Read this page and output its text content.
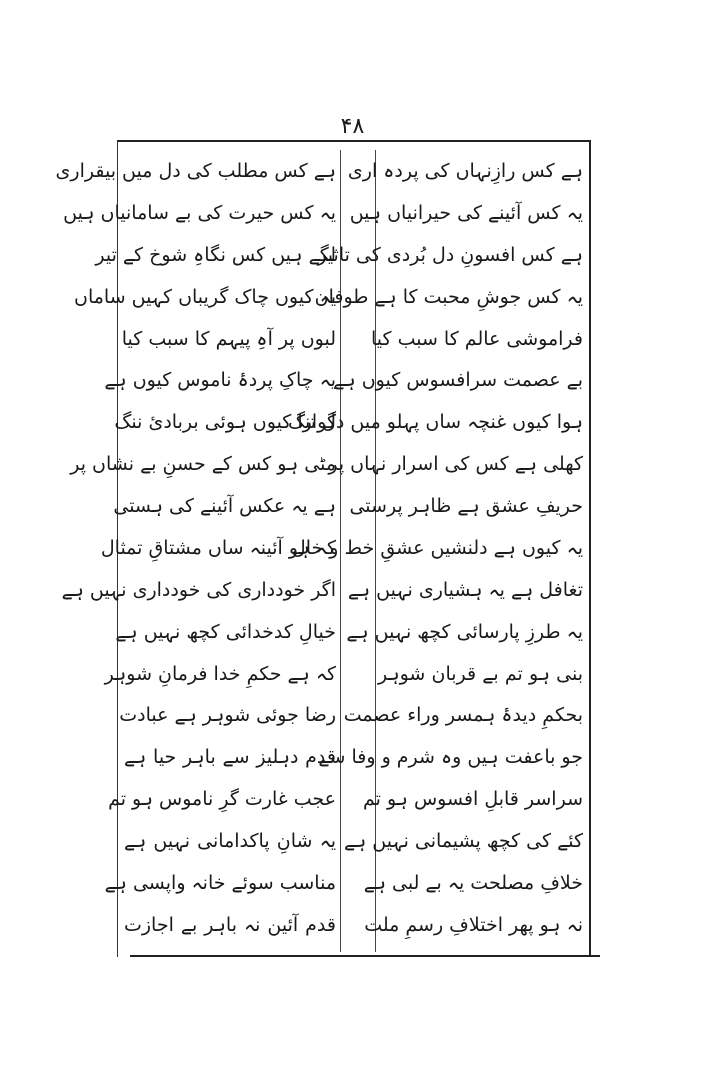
۴۸
ہے کس رازِنہاں کی پردہ اری
یہ کس آئینے کی حیرانیاں ہیں
ہے کس افسونِ دل بُردی کی تاثیر
یہ کس جوشِ محبت کا ہے طوفان
فراموشی عالم کا سبب کیا
بے عصمت سرافسوس کیوں ہے
ہوا کیوں غنچہ ساں پہلو میں دل تنگ
کھلی ہے کس کی اسرار نہاں پر
حریفِ عشق ہے ظاہر پرستی
یہ کیوں ہے دلنشیں عشقِ خط و خال
تغافل ہے یہ ہشیاری نہیں ہے
یہ طرزِ پارسائی کچھ نہیں ہے
بنی ہو تم بے قربان شوہر
بحکمِ دیدۂ ہمسر وراء عصمت
جو باعفت ہیں وہ شرم و وفا سے
سراسر قابلِ افسوس ہو تم
کئے کی کچھ پشیمانی نہیں ہے
خلافِ مصلحت یہ بے لبی ہے
نہ ہو پھر اختلافِ رسمِ ملت
ہے کس مطلب کی دل میں بیقراری
یہ کس حیرت کی بے سامانیاں ہیں
لگے ہیں کس نگاہِ شوخ کے تیر
یہ کیوں چاک گریباں کہیں ساماں
لبوں پر آہِ پیہم کا سبب کیا
یہ چاکِ پردۂ ناموس کیوں ہے
گوارا کیوں ہوئی بربادیٔ ننگ
مٹی ہو کس کے حسنِ بے نشاں پر
ہے یہ عکس آئینے کی ہستی
کہ ہو آئینہ ساں مشتاقِ تمثال
اگر خودداری کی خودداری نہیں ہے
خیالِ کدخدائی کچھ نہیں ہے
کہ ہے حکمِ خدا فرمانِ شوہر
رضا جوئی شوہر ہے عبادت
قدم دہلیز سے باہر حیا ہے
عجب غارت گرِ ناموس ہو تم
یہ شانِ پاکدامانی نہیں ہے
مناسب سوئے خانہ واپسی ہے
قدم آئین نہ باہر بے اجازت
